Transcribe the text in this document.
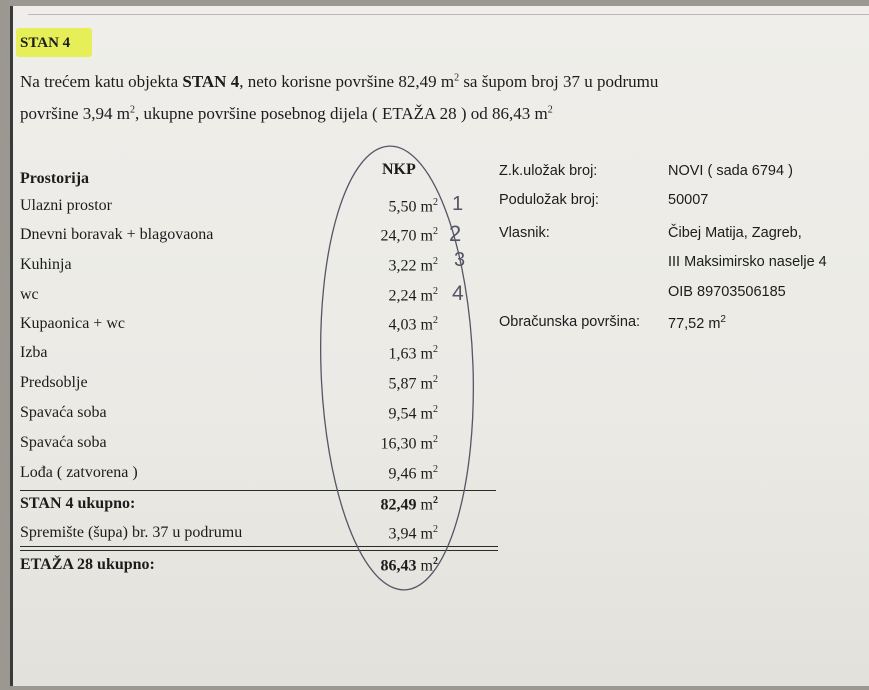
STAN 4
Na trećem katu objekta STAN 4, neto korisne površine 82,49 $m^2$ sa šupom broj 37 u podrumu
površine 3,94 $m^2$, ukupne površine posebnog dijela ( ETAŽA 28 ) od 86,43 $m^2$
Prostorija
NKP
Ulazni prostor	5,50 $m^2$
Dnevni boravak + blagovaona	24,70 $m^2$
Kuhinja	3,22 $m^2$
wc	2,24 $m^2$
Kupaonica + wc	4,03 $m^2$
Izba	1,63 $m^2$
Predsoblje	5,87 $m^2$
Spavaća soba	9,54 $m^2$
Spavaća soba	16,30 $m^2$
Lođa ( zatvorena )	9,46 $m^2$
STAN 4 ukupno:	82,49 $m^2$
Spremište (šupa) br. 37 u podrumu	3,94 $m^2$
ETAŽA 28 ukupno:	86,43 $m^2$
Z.k.uložak broj:	NOVI ( sada 6794 )
Poduložak broj:	50007
Vlasnik:	Čibej Matija, Zagreb,
III Maksimirsko naselje 4
OIB 89703506185
Obračunska površina: 77,52 $m^2$
1
2
3
4
